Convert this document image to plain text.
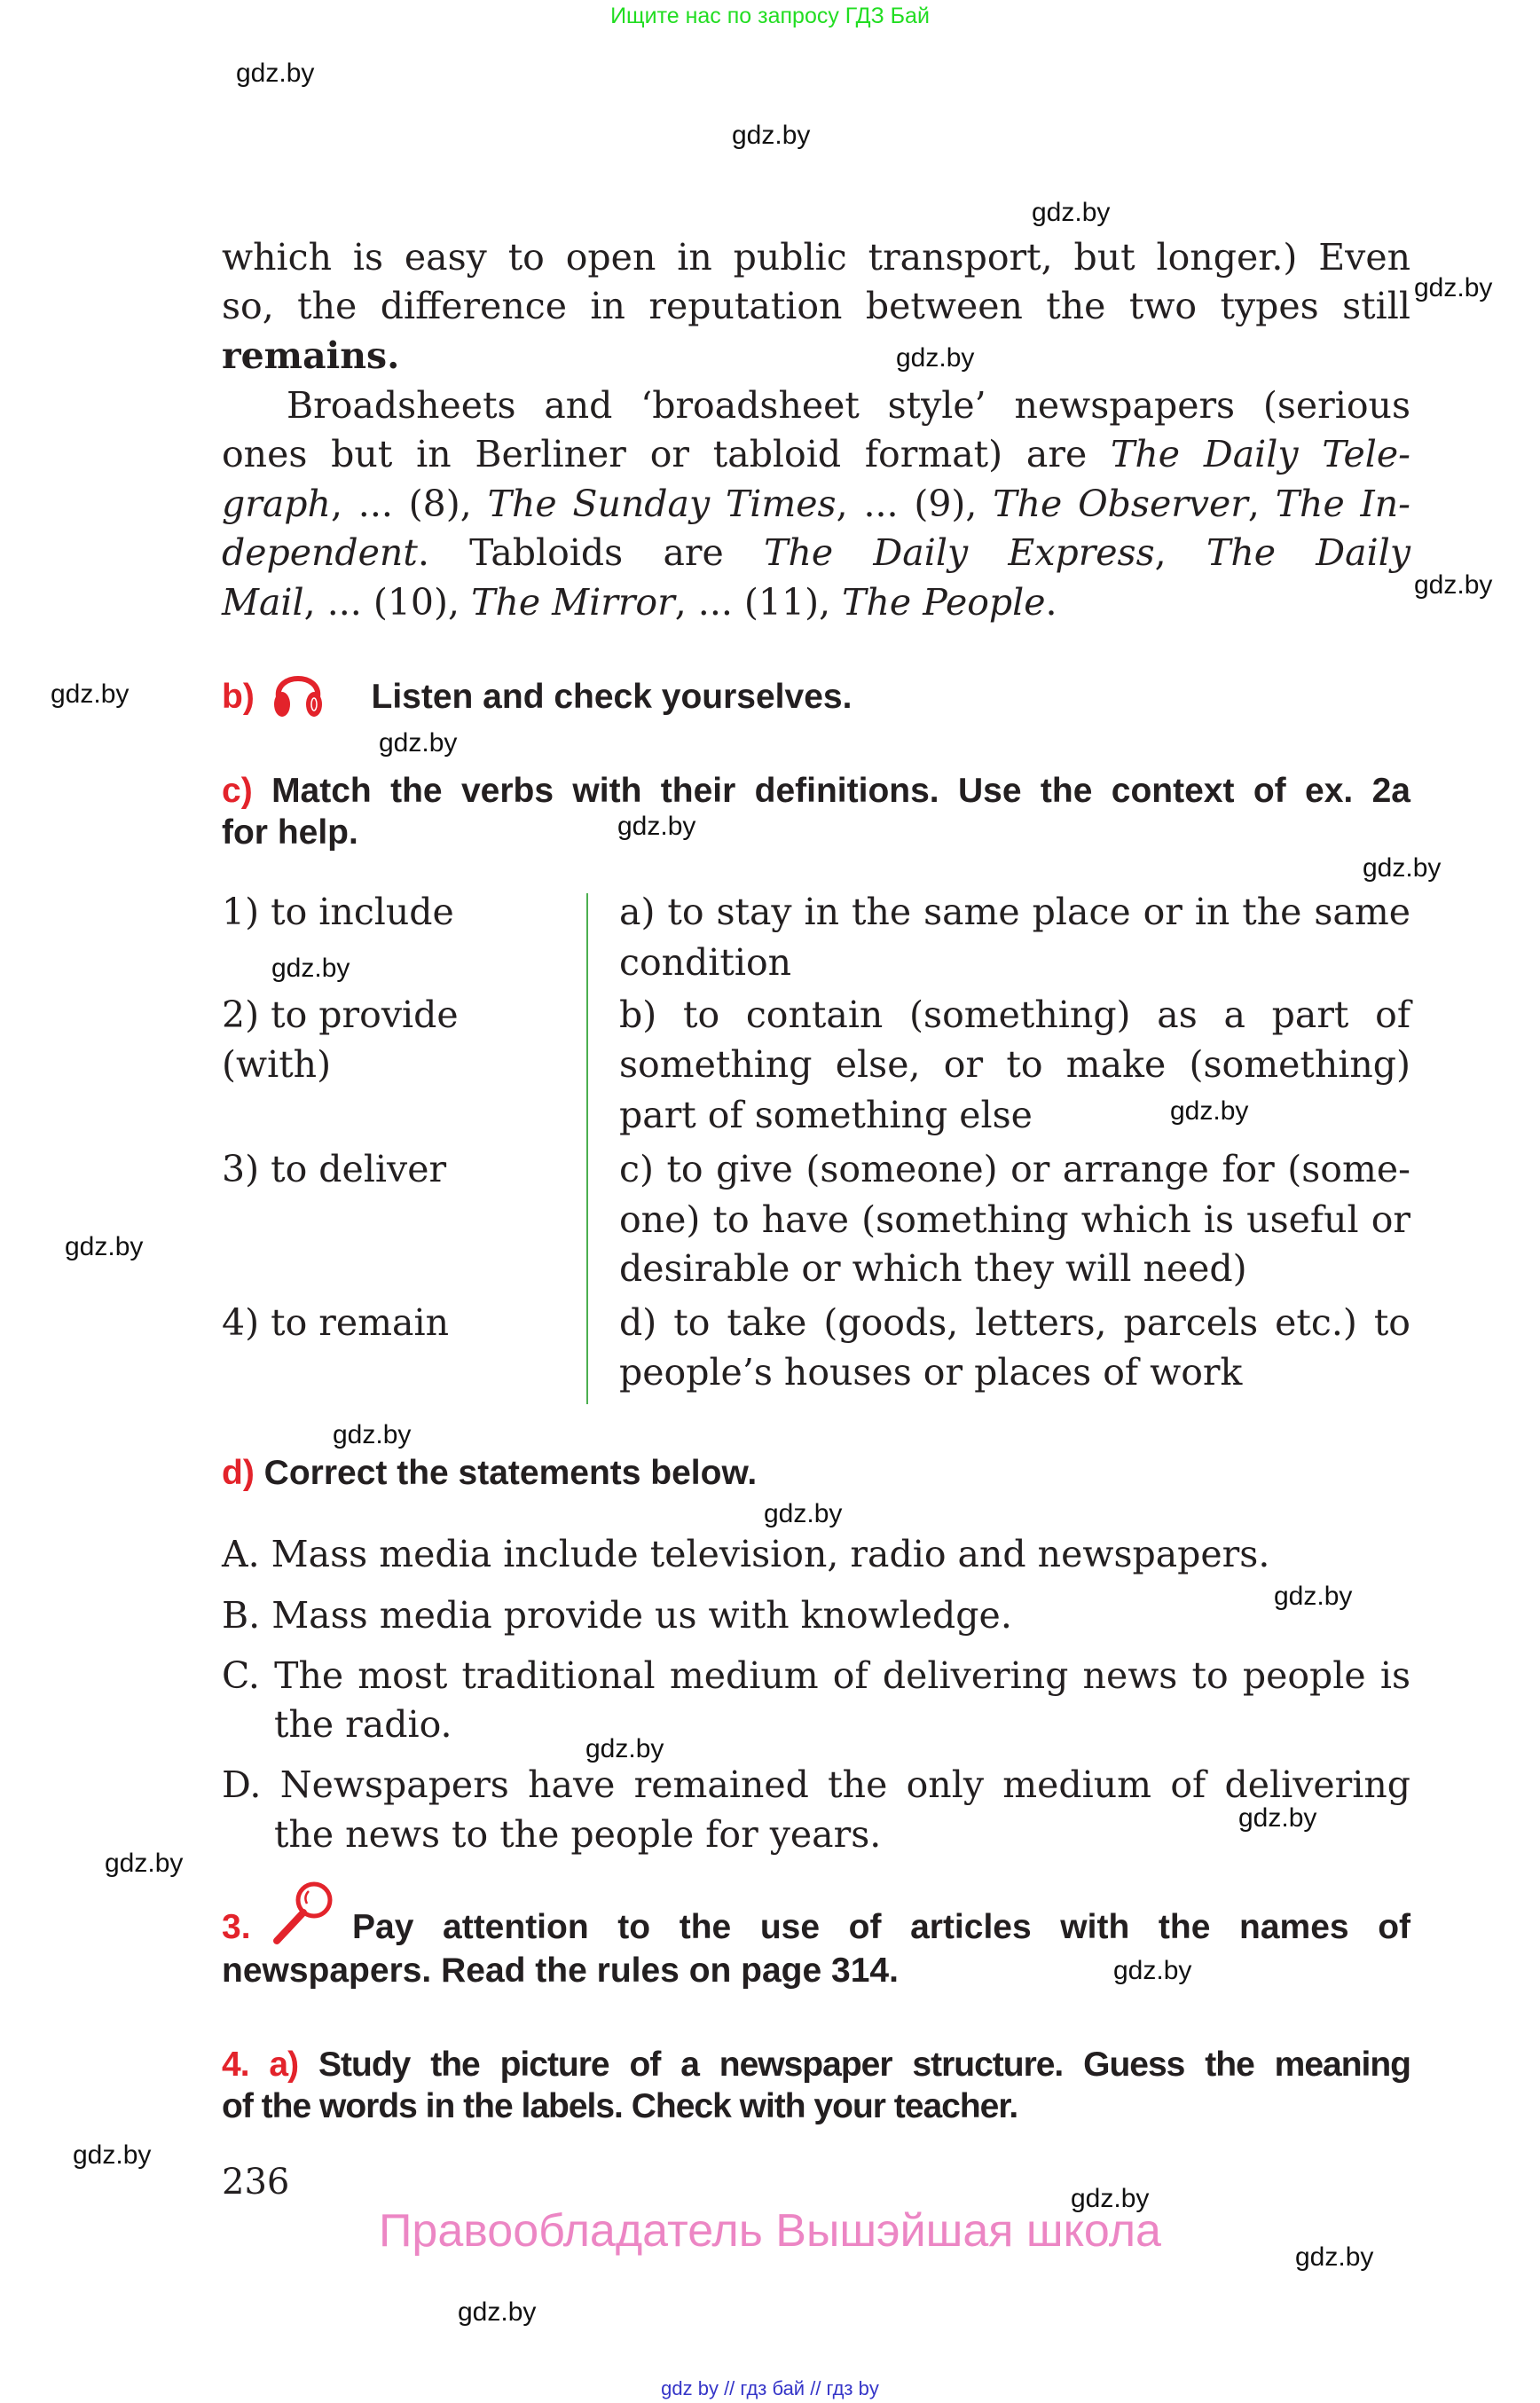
Ищите нас по запросу ГДЗ Бай
which is easy to open in public transport, but longer.) Even
so, the difference in reputation between the two types still
remains.
Broadsheets and ‘broadsheet style’ newspapers (serious
ones but in Berliner or tabloid format) are The Daily Tele-
graph, ... (8), The Sunday Times, ... (9), The Observer, The In-
dependent. Tabloids are The Daily Express, The Daily
Mail, ... (10), The Mirror, ... (11), The People.
b)	Listen and check yourselves.
c) Match the verbs with their definitions. Use the context of ex. 2a
for help.
1) to include
2) to provide
(with)
3) to deliver
4) to remain
a) to stay in the same place or in the same
condition
b) to contain (something) as a part of
something else, or to make (something)
part of something else
c) to give (someone) or arrange for (some-
one) to have (something which is useful or
desirable or which they will need)
d) to take (goods, letters, parcels etc.) to
people’s houses or places of work
d) Correct the statements below.
A. Mass media include television, radio and newspapers.
B. Mass media provide us with knowledge.
C. The most traditional medium of delivering news to people is
the radio.
D. Newspapers have remained the only medium of delivering
the news to the people for years.
3.	Pay attention to the use of articles with the names of
newspapers. Read the rules on page 314.
4. a) Study the picture of a newspaper structure. Guess the meaning
of the words in the labels. Check with your teacher.
236
Правообладатель Вышэйшая школа
gdz by // гдз бай // гдз by
gdz.by
gdz.by
gdz.by
gdz.by
gdz.by
gdz.by
gdz.by
gdz.by
gdz.by
gdz.by
gdz.by
gdz.by
gdz.by
gdz.by
gdz.by
gdz.by
gdz.by
gdz.by
gdz.by
gdz.by
gdz.by
gdz.by
gdz.by
gdz.by
